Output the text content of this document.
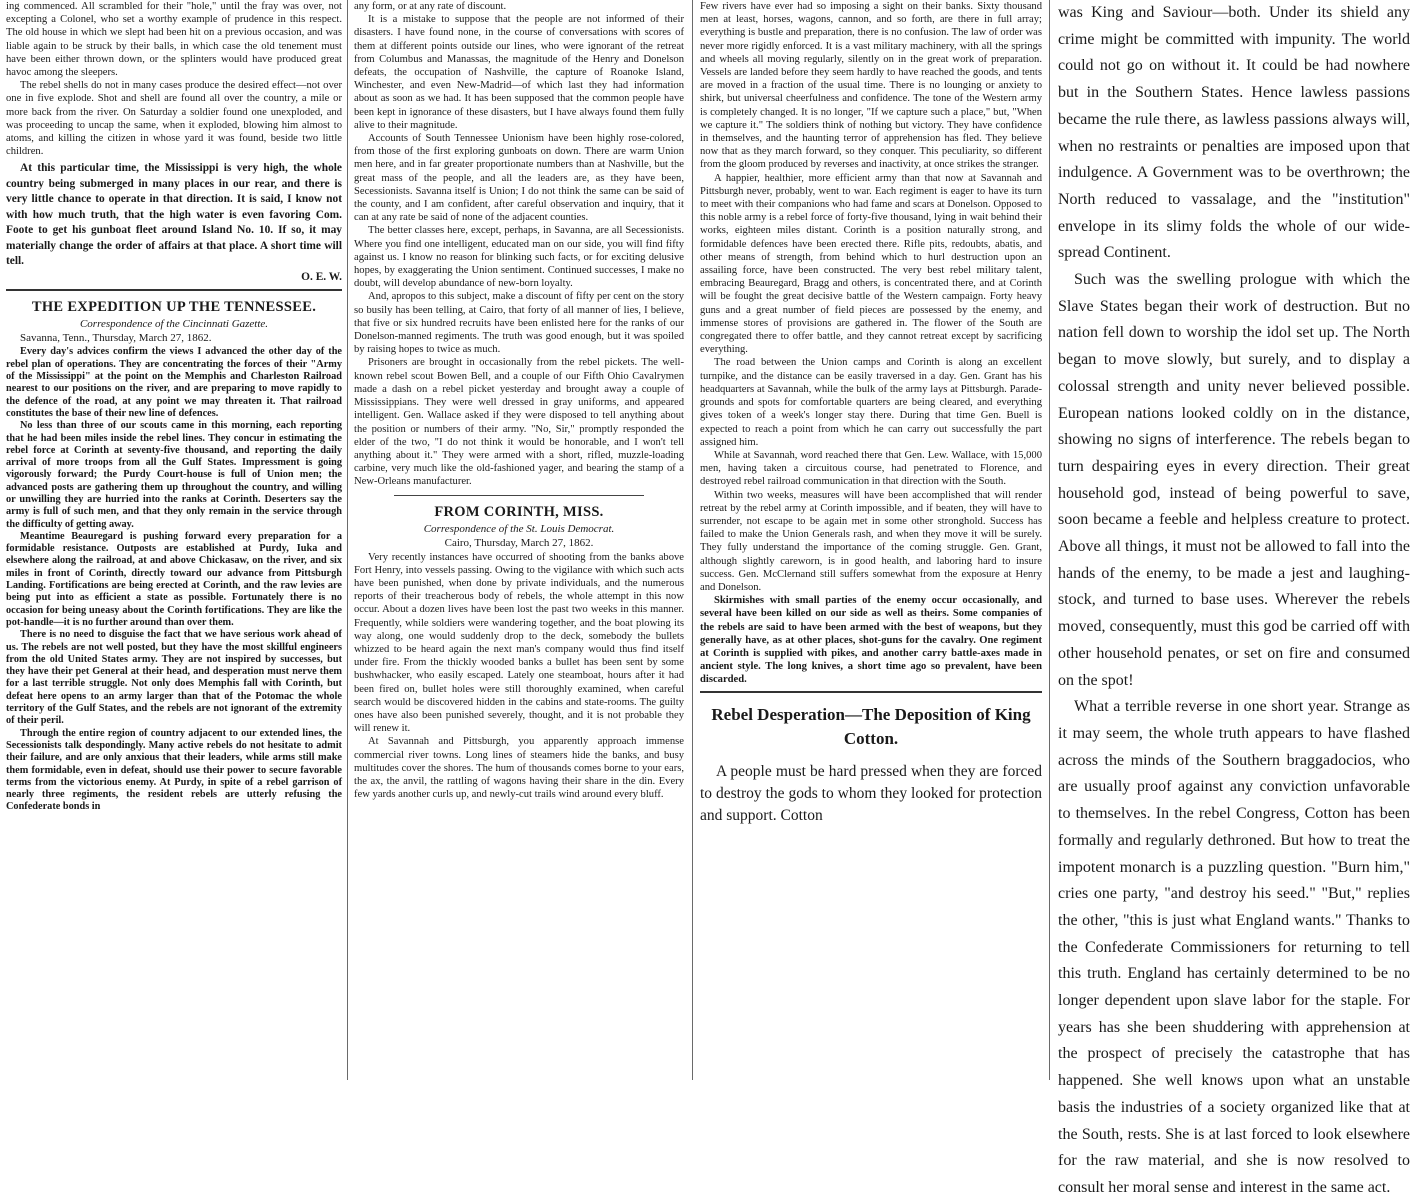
ing commenced. All scrambled for their "hole," until the fray was over, not excepting a Colonel, who set a worthy example of prudence in this respect. The old house in which we slept had been hit on a previous occasion, and was liable again to be struck by their balls, in which case the old tenement must have been either thrown down, or the splinters would have produced great havoc among the sleepers.

The rebel shells do not in many cases produce the desired effect—not over one in five explode. Shot and shell are found all over the country, a mile or more back from the river. On Saturday a soldier found one unexploded, and was proceeding to uncap the same, when it exploded, blowing him almost to atoms, and killing the citizen in whose yard it was found, beside two little children.

At this particular time, the Mississippi is very high, the whole country being submerged in many places in our rear, and there is very little chance to operate in that direction. It is said, I know not with how much truth, that the high water is even favoring Com. Foote to get his gunboat fleet around Island No. 10. If so, it may materially change the order of affairs at that place. A short time will tell.

O. E. W.

THE EXPEDITION UP THE TENNESSEE.
Correspondence of the Cincinnati Gazette.
Savanna, Tenn., Thursday, March 27, 1862.

Every day's advices confirm the views I advanced the other day of the rebel plan of operations. They are concentrating the forces of their "Army of the Mississippi" at the point on the Memphis and Charleston Railroad nearest to our positions on the river, and are preparing to move rapidly to the defence of the road, at any point we may threaten it. That railroad constitutes the base of their new line of defences.

No less than three of our scouts came in this morning, each reporting that he had been miles inside the rebel lines. They concur in estimating the rebel force at Corinth at seventy-five thousand, and reporting the daily arrival of more troops from all the Gulf States. Impressment is going vigorously forward; the Purdy Court-house is full of Union men; the advanced posts are gathering them up throughout the country, and willing or unwilling they are hurried into the ranks at Corinth. Deserters say the army is full of such men, and that they only remain in the service through the difficulty of getting away.

Meantime Beauregard is pushing forward every preparation for a formidable resistance. Outposts are established at Purdy, Iuka and elsewhere along the railroad, at and above Chickasaw, on the river, and six miles in front of Corinth, directly toward our advance from Pittsburgh Landing. Fortifications are being erected at Corinth, and the raw levies are being put into as efficient a state as possible. Fortunately there is no occasion for being uneasy about the Corinth fortifications. They are like the pot-handle—it is no further around than over them.

There is no need to disguise the fact that we have serious work ahead of us. The rebels are not well posted, but they have the most skillful engineers from the old United States army. They are not inspired by successes, but they have their pet General at their head, and desperation must nerve them for a last terrible struggle. Not only does Memphis fall with Corinth, but defeat here opens to an army larger than that of the Potomac the whole territory of the Gulf States, and the rebels are not ignorant of the extremity of their peril.

Through the entire region of country adjacent to our extended lines, the Secessionists talk despondingly. Many active rebels do not hesitate to admit their failure, and are only anxious that their leaders, while arms still make them formidable, even in defeat, should use their power to secure favorable terms from the victorious enemy. At Purdy, in spite of a rebel garrison of nearly three regiments, the resident rebels are utterly refusing the Confederate bonds in

any form, or at any rate of discount.

It is a mistake to suppose that the people are not informed of their disasters. I have found none, in the course of conversations with scores of them at different points outside our lines, who were ignorant of the retreat from Columbus and Manassas, the magnitude of the Henry and Donelson defeats, the occupation of Nashville, the capture of Roanoke Island, Winchester, and even New-Madrid—of which last they had information about as soon as we had. It has been supposed that the common people have been kept in ignorance of these disasters, but I have always found them fully alive to their magnitude.

Accounts of South Tennessee Unionism have been highly rose-colored, from those of the first exploring gunboats on down. There are warm Union men here, and in far greater proportionate numbers than at Nashville, but the great mass of the people, and all the leaders are, as they have been, Secessionists. Savanna itself is Union; I do not think the same can be said of the county, and I am confident, after careful observation and inquiry, that it can at any rate be said of none of the adjacent counties.

The better classes here, except, perhaps, in Savanna, are all Secessionists. Where you find one intelligent, educated man on our side, you will find fifty against us. I know no reason for blinking such facts, or for exciting delusive hopes, by exaggerating the Union sentiment. Continued successes, I make no doubt, will develop abundance of new-born loyalty.

And, apropos to this subject, make a discount of fifty per cent on the story so busily has been telling, at Cairo, that forty of all manner of lies, I believe, that five or six hundred recruits have been enlisted here for the ranks of our Donelson-manned regiments. The truth was good enough, but it was spoiled by raising hopes to twice as much.

Prisoners are brought in occasionally from the rebel pickets. The well-known rebel scout Bowen Bell, and a couple of our Fifth Ohio Cavalrymen made a dash on a rebel picket yesterday and brought away a couple of Mississippians. They were well dressed in gray uniforms, and appeared intelligent. Gen. Wallace asked if they were disposed to tell anything about the position or numbers of their army. "No, Sir," promptly responded the elder of the two, "I do not think it would be honorable, and I won't tell anything about it." They were armed with a short, rifled, muzzle-loading carbine, very much like the old-fashioned yager, and bearing the stamp of a New-Orleans manufacturer.

FROM CORINTH, MISS.
Correspondence of the St. Louis Democrat.
Cairo, Thursday, March 27, 1862.

Very recently instances have occurred of shooting from the banks above Fort Henry, into vessels passing. Owing to the vigilance with which such acts have been punished, when done by private individuals, and the numerous reports of their treacherous body of rebels, the whole attempt in this now occur. About a dozen lives have been lost the past two weeks in this manner. Frequently, while soldiers were wandering together, and the boat plowing its way along, one would suddenly drop to the deck, somebody the bullets whizzed to be heard again the next man's company would thus find itself under fire. From the thickly wooded banks a bullet has been sent by some bushwhacker, who easily escaped. Lately one steamboat, hours after it had been fired on, bullet holes were still thoroughly examined, when careful search would be discovered hidden in the cabins and state-rooms. The guilty ones have also been punished severely, thought, and it is not probable they will renew it.

At Savannah and Pittsburgh, you apparently approach immense commercial river towns. Long lines of steamers hide the banks, and busy multitudes cover the shores. The hum of thousands comes borne to your ears, the ax, the anvil, the rattling of wagons having their share in the din. Every few yards another curls up, and newly-cut trails wind around every bluff.

Few rivers have ever had so imposing a sight on their banks. Sixty thousand men at least, horses, wagons, cannon, and so forth, are there in full array; everything is bustle and preparation, there is no confusion. The law of order was never more rigidly enforced. It is a vast military machinery, with all the springs and wheels all moving regularly, silently on in the great work of preparation. Vessels are landed before they seem hardly to have reached the goods, and tents are moved in a fraction of the usual time. There is no lounging or anxiety to shirk, but universal cheerfulness and confidence. The tone of the Western army is completely changed. It is no longer, "If we capture such a place," but, "When we capture it." The soldiers think of nothing but victory. They have confidence in themselves, and the haunting terror of apprehension has fled. They believe now that as they march forward, so they conquer. This peculiarity, so different from the gloom produced by reverses and inactivity, at once strikes the stranger.

A happier, healthier, more efficient army than that now at Savannah and Pittsburgh never, probably, went to war. Each regiment is eager to have its turn to meet with their companions who had fame and scars at Donelson. Opposed to this noble army is a rebel force of forty-five thousand, lying in wait behind their works, eighteen miles distant. Corinth is a position naturally strong, and formidable defences have been erected there. Rifle pits, redoubts, abatis, and other means of strength, from behind which to hurl destruction upon an assailing force, have been constructed. The very best rebel military talent, embracing Beauregard, Bragg and others, is concentrated there, and at Corinth will be fought the great decisive battle of the Western campaign. Forty heavy guns and a great number of field pieces are possessed by the enemy, and immense stores of provisions are gathered in. The flower of the South are congregated there to offer battle, and they cannot retreat except by sacrificing everything.

The road between the Union camps and Corinth is along an excellent turnpike, and the distance can be easily traversed in a day. Gen. Grant has his headquarters at Savannah, while the bulk of the army lays at Pittsburgh. Parade-grounds and spots for comfortable quarters are being cleared, and everything gives token of a week's longer stay there. During that time Gen. Buell is expected to reach a point from which he can carry out successfully the part assigned him.

While at Savannah, word reached there that Gen. Lew. Wallace, with 15,000 men, having taken a circuitous course, had penetrated to Florence, and destroyed rebel railroad communication in that direction with the South.

Within two weeks, measures will have been accomplished that will render retreat by the rebel army at Corinth impossible, and if beaten, they will have to surrender, not escape to be again met in some other stronghold. Success has failed to make the Union Generals rash, and when they move it will be surely. They fully understand the importance of the coming struggle. Gen. Grant, although slightly careworn, is in good health, and laboring hard to insure success. Gen. McClernand still suffers somewhat from the exposure at Henry and Donelson.

Skirmishes with small parties of the enemy occur occasionally, and several have been killed on our side as well as theirs. Some companies of the rebels are said to have been armed with the best of weapons, but they generally have, as at other places, shot-guns for the cavalry. One regiment at Corinth is supplied with pikes, and another carry battle-axes made in ancient style. The long knives, a short time ago so prevalent, have been discarded.

Rebel Desperation—The Deposition of King Cotton.

A people must be hard pressed when they are forced to destroy the gods to whom they looked for protection and support. Cotton

was King and Saviour—both. Under its shield any crime might be committed with impunity. The world could not go on without it. It could be had nowhere but in the Southern States. Hence lawless passions became the rule there, as lawless passions always will, when no restraints or penalties are imposed upon that indulgence. A Government was to be overthrown; the North reduced to vassalage, and the "institution" envelope in its slimy folds the whole of our wide-spread Continent.

Such was the swelling prologue with which the Slave States began their work of destruction. But no nation fell down to worship the idol set up. The North began to move slowly, but surely, and to display a colossal strength and unity never believed possible. European nations looked coldly on in the distance, showing no signs of interference. The rebels began to turn despairing eyes in every direction. Their great household god, instead of being powerful to save, soon became a feeble and helpless creature to protect. Above all things, it must not be allowed to fall into the hands of the enemy, to be made a jest and laughing-stock, and turned to base uses. Wherever the rebels moved, consequently, must this god be carried off with other household penates, or set on fire and consumed on the spot!

What a terrible reverse in one short year. Strange as it may seem, the whole truth appears to have flashed across the minds of the Southern braggadocios, who are usually proof against any conviction unfavorable to themselves. In the rebel Congress, Cotton has been formally and regularly dethroned. But how to treat the impotent monarch is a puzzling question. "Burn him," cries one party, "and destroy his seed." "But," replies the other, "this is just what England wants." Thanks to the Confederate Commissioners for returning to tell this truth. England has certainly determined to be no longer dependent upon slave labor for the staple. For years has she been shuddering with apprehension at the prospect of precisely the catastrophe that has happened. She well knows upon what an unstable basis the industries of a society organized like that at the South, rests. She is at last forced to look elsewhere for the raw material, and she is now resolved to consult her moral sense and interest in the same act.
